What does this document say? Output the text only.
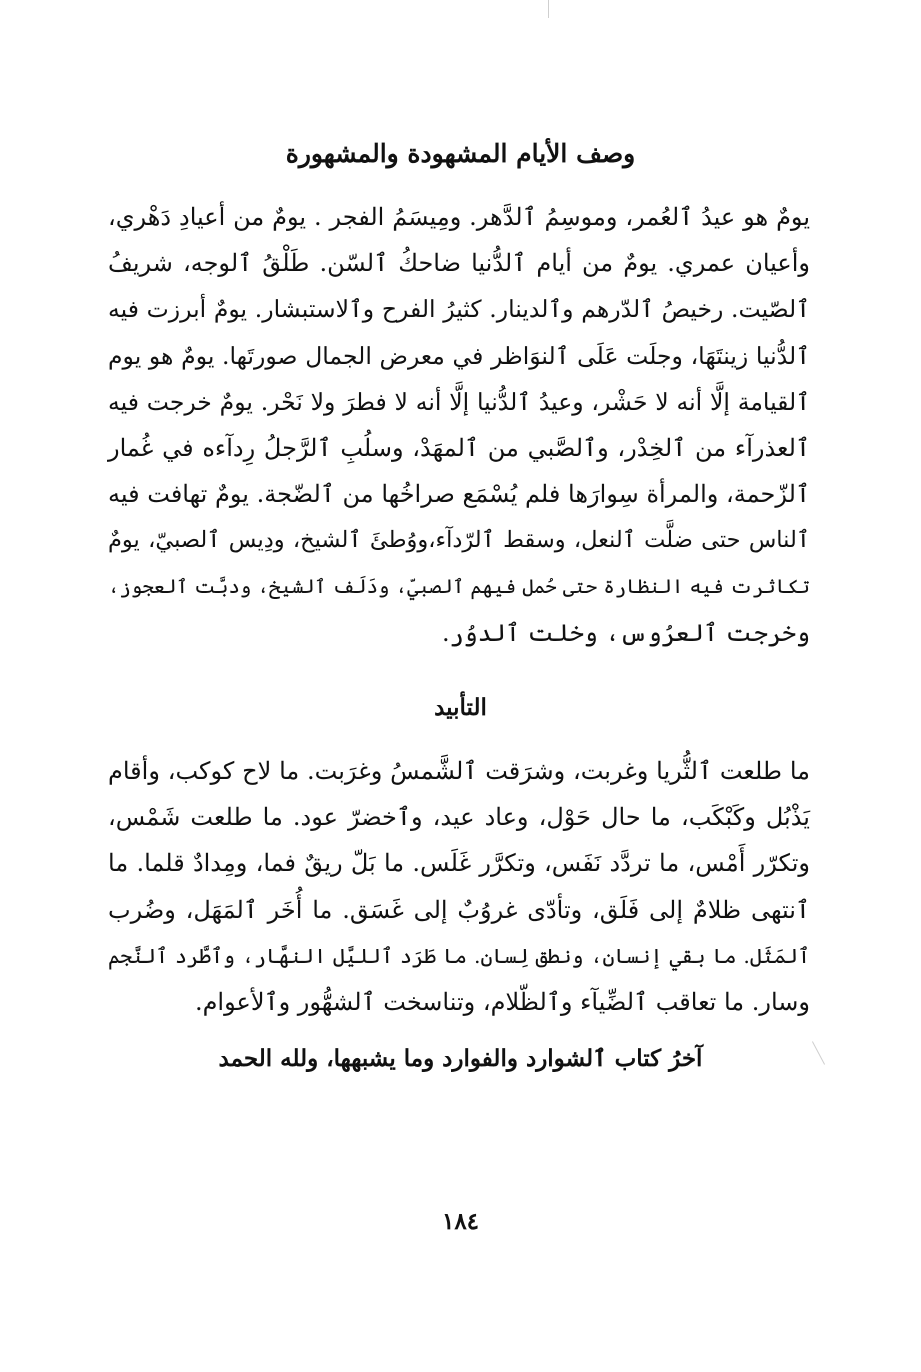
وصف الأيام المشهودة والمشهورة
يومٌ هو عيدُ ٱلعُمر، وموسِمُ ٱلدَّهر. ومِيسَمُ الفجر . يومٌ من أعيادِ دَهْري،
وأعيان عمري. يومٌ من أيام ٱلدُّنيا ضاحكُ ٱلسّن. طَلْقُ ٱلوجه، شريفُ
ٱلصّيت. رخيصُ ٱلدّرهم وٱلدينار. كثيرُ الفرح وٱلاستبشار. يومٌ أبرزت فيه
ٱلدُّنيا زينتَهَا، وجلَت عَلَى ٱلنوَاظر في معرض الجمال صورتَها. يومٌ هو يوم
ٱلقيامة إلَّا أنه لا حَشْر، وعيدُ ٱلدُّنيا إلَّا أنه لا فطرَ ولا نَحْر. يومٌ خرجت فيه
ٱلعذرآء من ٱلخِدْر، وٱلصَّبي من ٱلمهَدْ، وسلُبِ ٱلرَّجلُ رِدآءه في غُمار
ٱلزّحمة، والمرأة سِوارَها فلم يُسْمَع صراخُها من ٱلضّجة. يومٌ تهافت فيه
ٱلناس حتى ضلَّت ٱلنعل، وسقط ٱلرّدآء،ووُطئَ ٱلشيخ، ودِيس ٱلصبيّ، يومٌ
تكاثرت فيه النظارة حتى حُمل فيهم ٱلصبيّ، ودَلَف ٱلشيخ، ودبَّت ٱلعجوز،
وخرجت ٱلعرُوس، وخلت ٱلدوُر.
التأبيد
ما طلعت ٱلثُّريا وغربت، وشرَقت ٱلشَّمسُ وغرَبت. ما لاح كوكب، وأقام
يَذْبُل وكَبْكَب، ما حال حَوْل، وعاد عيد، وٱخضرّ عود. ما طلعت شَمْس،
وتكرّر أَمْس، ما تردَّد نَفَس، وتكرَّر غَلَس. ما بَلّ ريقٌ فما، ومِدادٌ قلما. ما
ٱنتهى ظلامٌ إلى فَلَق، وتأدّى غروُبٌ إلى غَسَق. ما أُخَر ٱلمَهَل، وضُرب
ٱلمَثَل. ما بقي إنسان، ونطق لِسان. ما طَرَد ٱلليَّل النهَّار، وٱطَّرد ٱلنَّجم
وسار. ما تعاقب ٱلضِّيآء وٱلظّلام، وتناسخت ٱلشهُّور وٱلأعوام.
آخرُ كتاب ٱلشوارد والفوارد وما يشبهها، ولله الحمد
١٨٤
